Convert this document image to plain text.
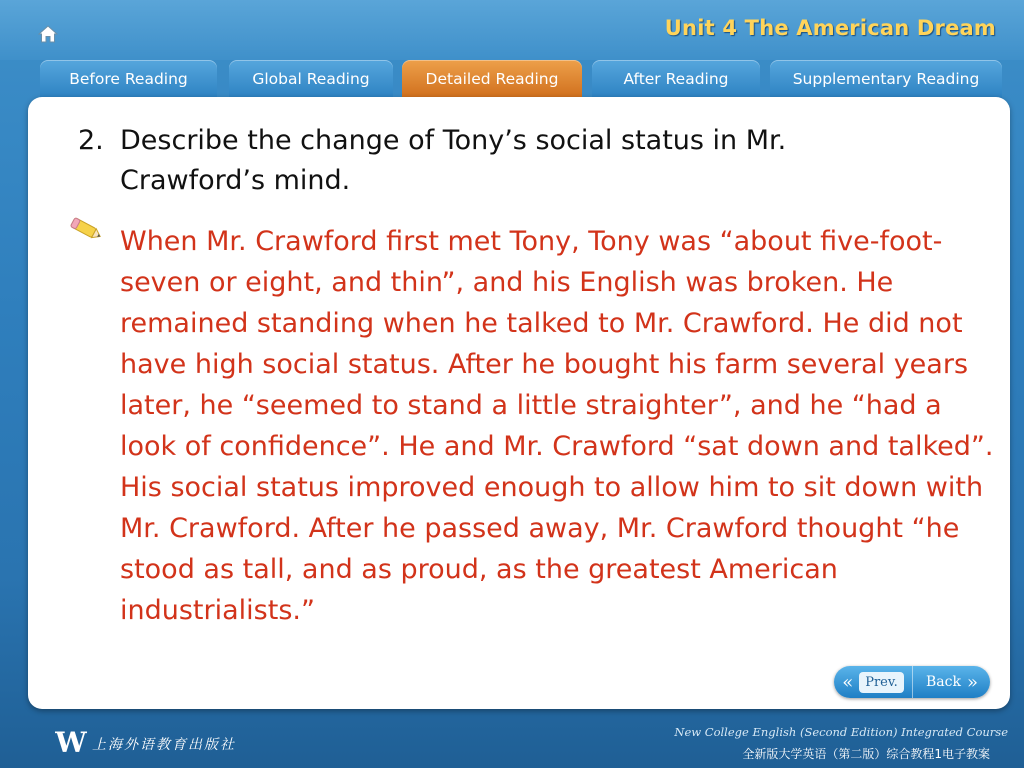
Unit 4 The American Dream
Before Reading	Global Reading	Detailed Reading	After Reading	Supplementary Reading
2. Describe the change of Tony’s social status in Mr. Crawford’s mind.
When Mr. Crawford first met Tony, Tony was “about five-foot-seven or eight, and thin”, and his English was broken. He remained standing when he talked to Mr. Crawford. He did not have high social status. After he bought his farm several years later, he “seemed to stand a little straighter”, and he “had a look of confidence”. He and Mr. Crawford “sat down and talked”. His social status improved enough to allow him to sit down with Mr. Crawford. After he passed away, Mr. Crawford thought “he stood as tall, and as proud, as the greatest American industrialists.”
« Prev.	Back »
W 上海外语教育出版社
New College English (Second Edition) Integrated Course
全新版大学英语（第二版）综合教程1电子教案
